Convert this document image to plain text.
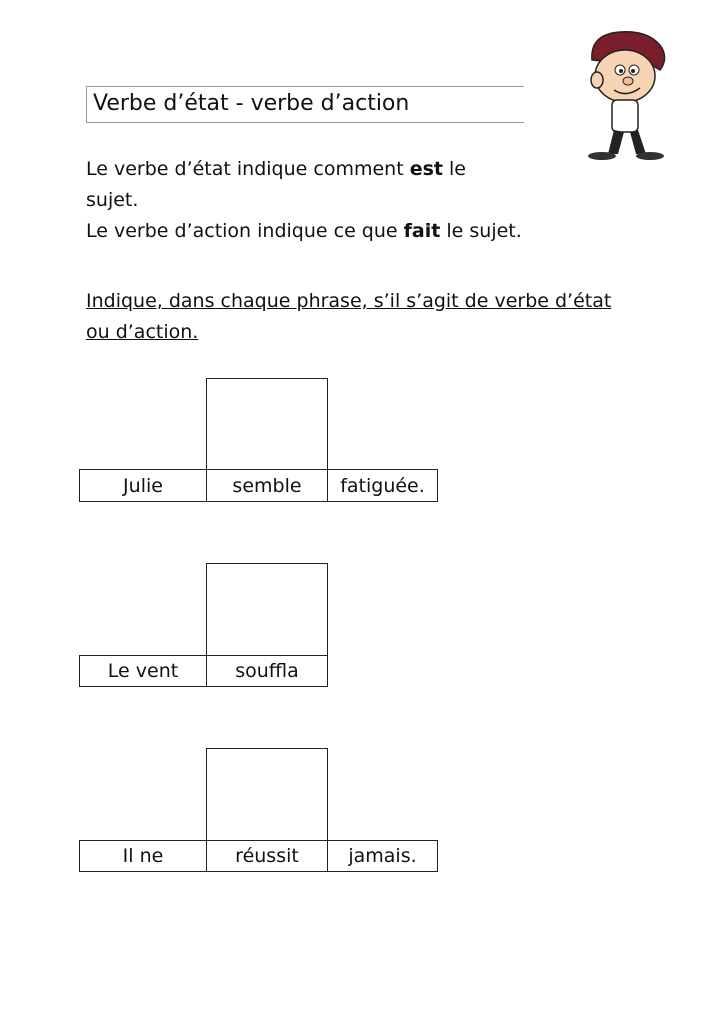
Verbe d’état - verbe d’action
Le verbe d’état indique comment est le
sujet.
Le verbe d’action indique ce que fait le sujet.
Indique, dans chaque phrase, s’il s’agit de verbe d’état
ou d’action.
Julie	semble	fatiguée.
Le vent	souffla
Il ne	réussit	jamais.
